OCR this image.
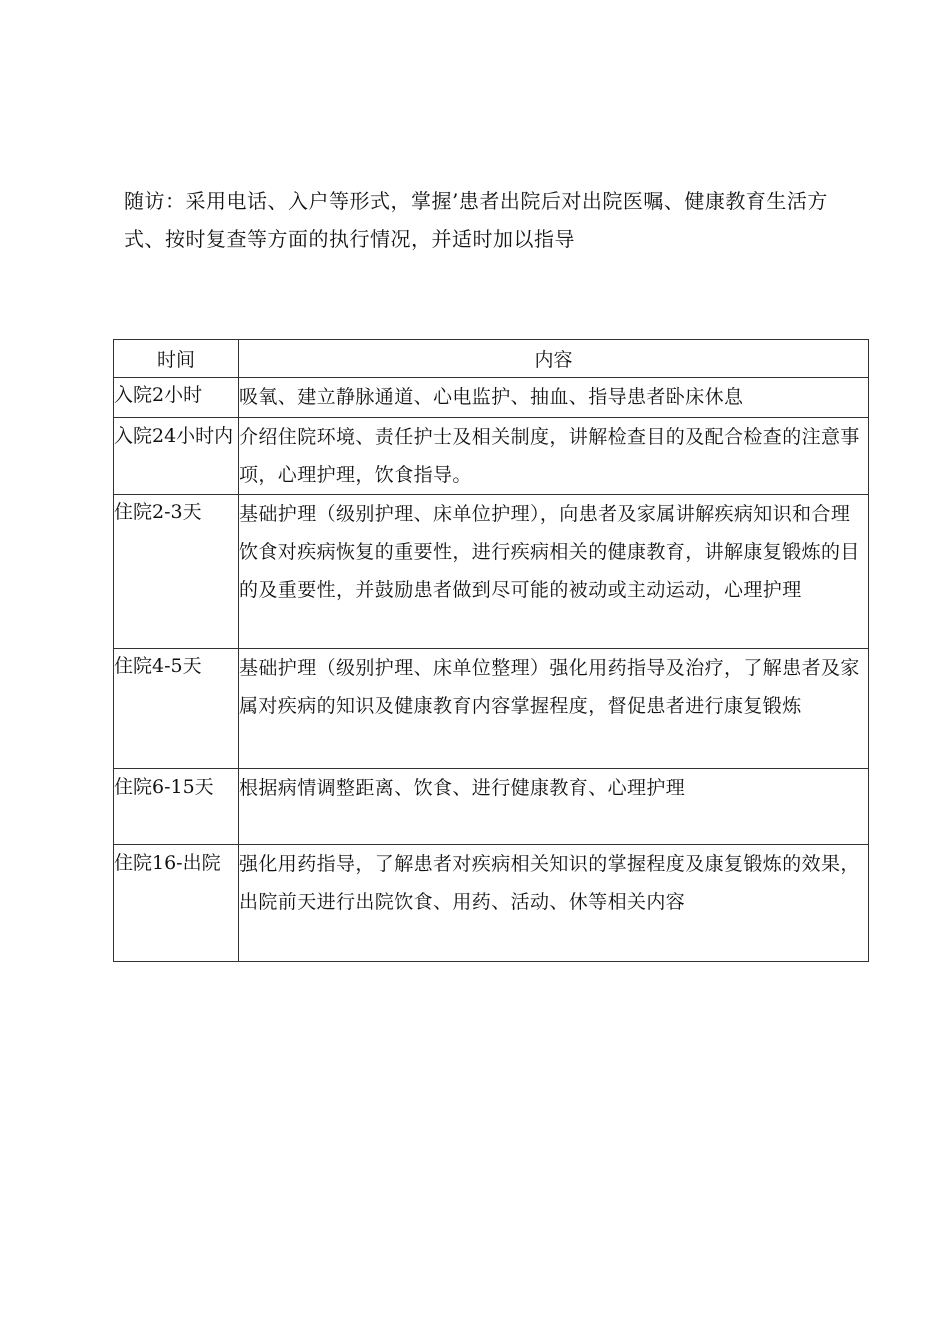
随访：采用电话、入户等形式，掌握’患者出院后对出院医嘱、健康教育生活方式、按时复查等方面的执行情况，并适时加以指导

时间	内容

入院2小时	吸氧、建立静脉通道、心电监护、抽血、指导患者卧床休息
入院24小时内	介绍住院环境、责任护士及相关制度，讲解检查目的及配合检查的注意事项，心理护理，饮食指导。
住院2-3天	基础护理（级别护理、床单位护理），向患者及家属讲解疾病知识和合理饮食对疾病恢复的重要性，进行疾病相关的健康教育，讲解康复锻炼的目的及重要性，并鼓励患者做到尽可能的被动或主动运动，心理护理
住院4-5天	基础护理（级别护理、床单位整理）强化用药指导及治疗，了解患者及家属对疾病的知识及健康教育内容掌握程度，督促患者进行康复锻炼
住院6-15天	根据病情调整距离、饮食、进行健康教育、心理护理
住院16-出院	强化用药指导，了解患者对疾病相关知识的掌握程度及康复锻炼的效果，出院前天进行出院饮食、用药、活动、休等相关内容
